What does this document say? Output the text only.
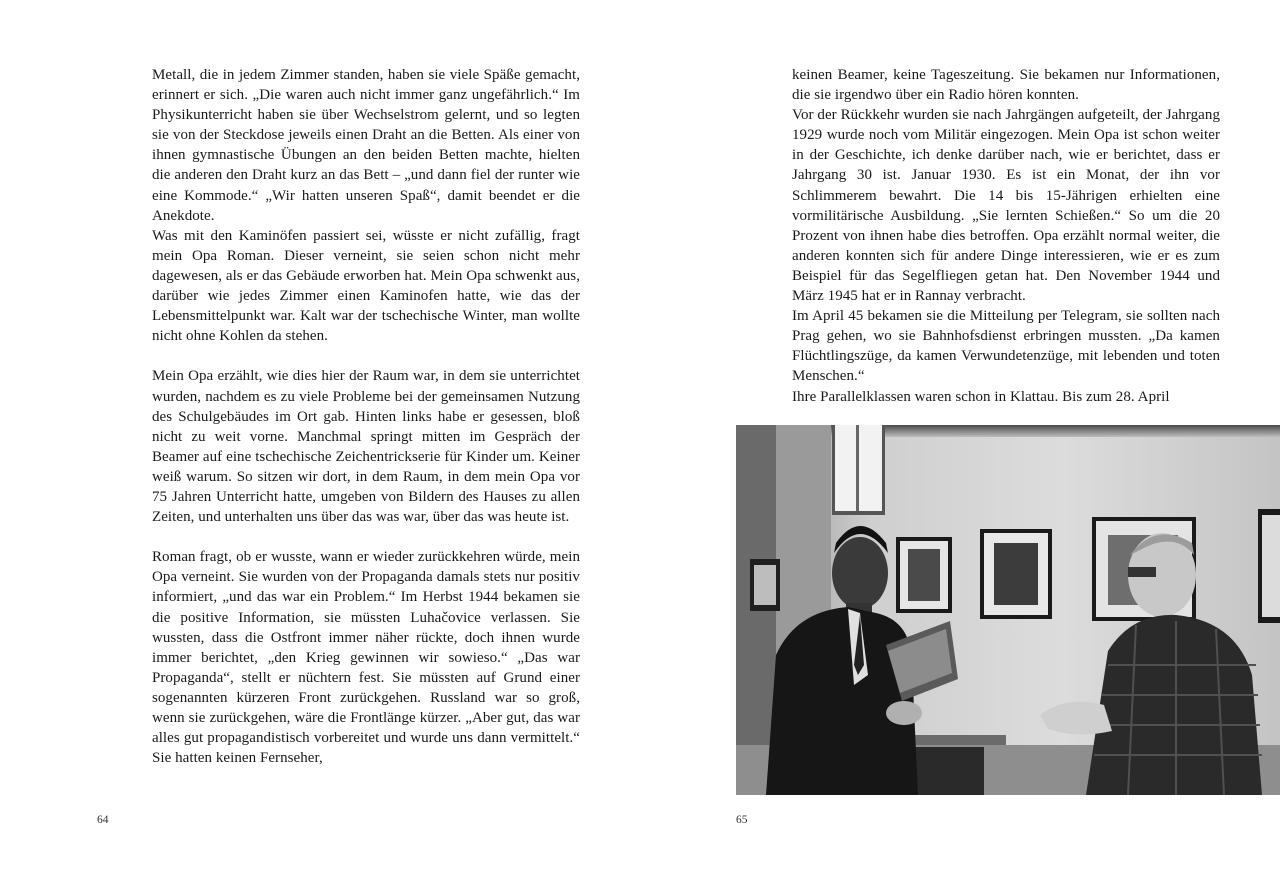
Metall, die in jedem Zimmer standen, haben sie viele Späße gemacht, erinnert er sich. „Die waren auch nicht immer ganz ungefährlich.“ Im Physikunterricht haben sie über Wechselstrom gelernt, und so legten sie von der Steckdose jeweils einen Draht an die Betten. Als einer von ihnen gymnastische Übungen an den beiden Betten machte, hielten die anderen den Draht kurz an das Bett – „und dann fiel der runter wie eine Kommode.“ „Wir hatten unseren Spaß“, damit beendet er die Anekdote.

Was mit den Kaminöfen passiert sei, wüsste er nicht zufällig, fragt mein Opa Roman. Dieser verneint, sie seien schon nicht mehr dagewesen, als er das Gebäude erworben hat. Mein Opa schwenkt aus, darüber wie jedes Zimmer einen Kaminofen hatte, wie das der Lebensmittelpunkt war. Kalt war der tschechische Winter, man wollte nicht ohne Kohlen da stehen.

Mein Opa erzählt, wie dies hier der Raum war, in dem sie unterrichtet wurden, nachdem es zu viele Probleme bei der gemeinsamen Nutzung des Schulgebäudes im Ort gab. Hinten links habe er gesessen, bloß nicht zu weit vorne. Manchmal springt mitten im Gespräch der Beamer auf eine tschechische Zeichentrickserie für Kinder um. Keiner weiß warum. So sitzen wir dort, in dem Raum, in dem mein Opa vor 75 Jahren Unterricht hatte, umgeben von Bildern des Hauses zu allen Zeiten, und unterhalten uns über das was war, über das was heute ist.

Roman fragt, ob er wusste, wann er wieder zurückkehren würde, mein Opa verneint. Sie wurden von der Propaganda damals stets nur positiv informiert, „und das war ein Problem.“ Im Herbst 1944 bekamen sie die positive Information, sie müssten Luhačovice verlassen. Sie wussten, dass die Ostfront immer näher rückte, doch ihnen wurde immer berichtet, „den Krieg gewinnen wir sowieso.“ „Das war Propaganda“, stellt er nüchtern fest. Sie müssten auf Grund einer sogenannten kürzeren Front zurückgehen. Russland war so groß, wenn sie zurückgehen, wäre die Frontlänge kürzer. „Aber gut, das war alles gut propagandistisch vorbereitet und wurde uns dann vermittelt.“ Sie hatten keinen Fernseher,

64

keinen Beamer, keine Tageszeitung. Sie bekamen nur Informationen, die sie irgendwo über ein Radio hören konnten.

Vor der Rückkehr wurden sie nach Jahrgängen aufgeteilt, der Jahrgang 1929 wurde noch vom Militär eingezogen. Mein Opa ist schon weiter in der Geschichte, ich denke darüber nach, wie er berichtet, dass er Jahrgang 30 ist. Januar 1930. Es ist ein Monat, der ihn vor Schlimmerem bewahrt. Die 14 bis 15-Jährigen erhielten eine vormilitärische Ausbildung. „Sie lernten Schießen.“ So um die 20 Prozent von ihnen habe dies betroffen. Opa erzählt normal weiter, die anderen konnten sich für andere Dinge interessieren, wie er es zum Beispiel für das Segelfliegen getan hat. Den November 1944 und März 1945 hat er in Rannay verbracht.

Im April 45 bekamen sie die Mitteilung per Telegram, sie sollten nach Prag gehen, wo sie Bahnhofsdienst erbringen mussten. „Da kamen Flüchtlingszüge, da kamen Verwundetenzüge, mit lebenden und toten Menschen.“

Ihre Parallelklassen waren schon in Klattau. Bis zum 28. April

65
